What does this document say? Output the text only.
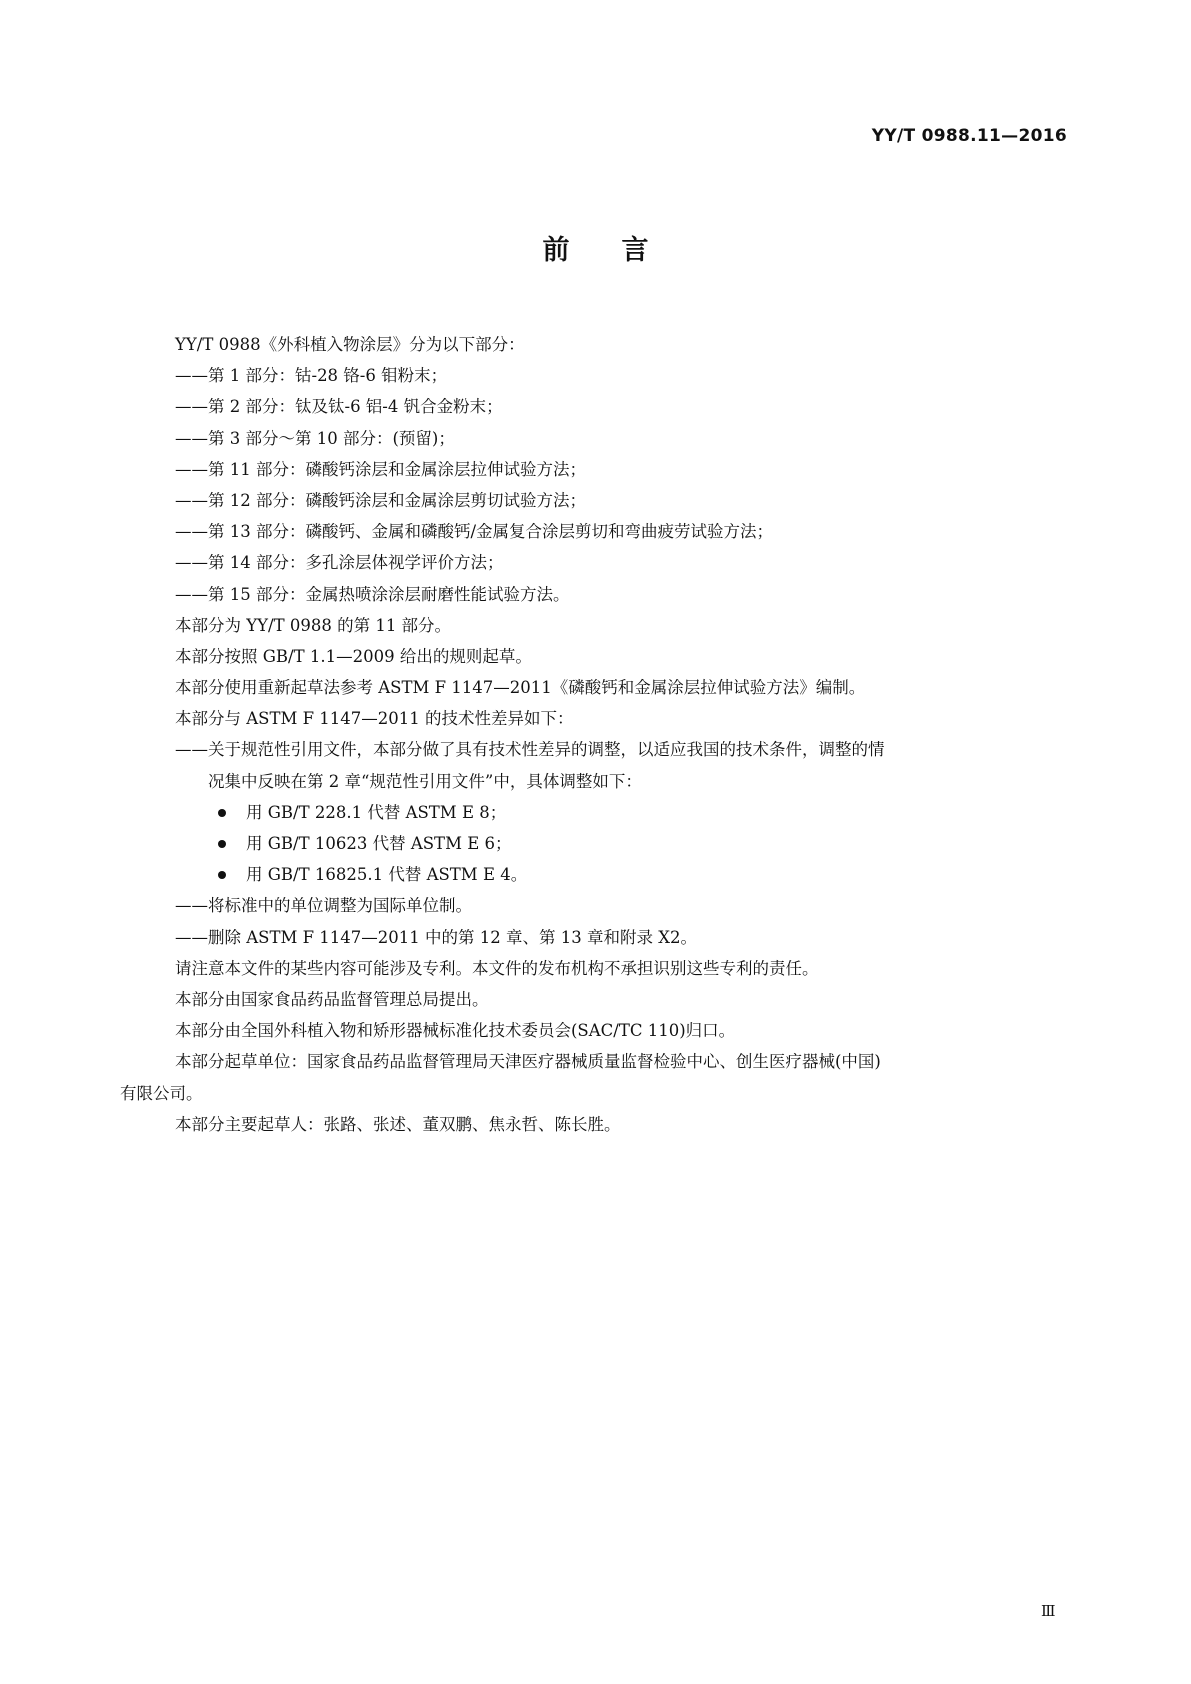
YY/T 0988.11—2016
前 言
YY/T 0988《外科植入物涂层》分为以下部分：
——第 1 部分：钴-28 铬-6 钼粉末；
——第 2 部分：钛及钛-6 铝-4 钒合金粉末；
——第 3 部分～第 10 部分：(预留)；
——第 11 部分：磷酸钙涂层和金属涂层拉伸试验方法；
——第 12 部分：磷酸钙涂层和金属涂层剪切试验方法；
——第 13 部分：磷酸钙、金属和磷酸钙/金属复合涂层剪切和弯曲疲劳试验方法；
——第 14 部分：多孔涂层体视学评价方法；
——第 15 部分：金属热喷涂涂层耐磨性能试验方法。
本部分为 YY/T 0988 的第 11 部分。
本部分按照 GB/T 1.1—2009 给出的规则起草。
本部分使用重新起草法参考 ASTM F 1147—2011《磷酸钙和金属涂层拉伸试验方法》编制。
本部分与 ASTM F 1147—2011 的技术性差异如下：
——关于规范性引用文件，本部分做了具有技术性差异的调整，以适应我国的技术条件，调整的情
况集中反映在第 2 章“规范性引用文件”中，具体调整如下：
用 GB/T 228.1 代替 ASTM E 8；
用 GB/T 10623 代替 ASTM E 6；
用 GB/T 16825.1 代替 ASTM E 4。
——将标准中的单位调整为国际单位制。
——删除 ASTM F 1147—2011 中的第 12 章、第 13 章和附录 X2。
请注意本文件的某些内容可能涉及专利。本文件的发布机构不承担识别这些专利的责任。
本部分由国家食品药品监督管理总局提出。
本部分由全国外科植入物和矫形器械标准化技术委员会(SAC/TC 110)归口。
本部分起草单位：国家食品药品监督管理局天津医疗器械质量监督检验中心、创生医疗器械(中国)
有限公司。
本部分主要起草人：张路、张述、董双鹏、焦永哲、陈长胜。
Ⅲ
